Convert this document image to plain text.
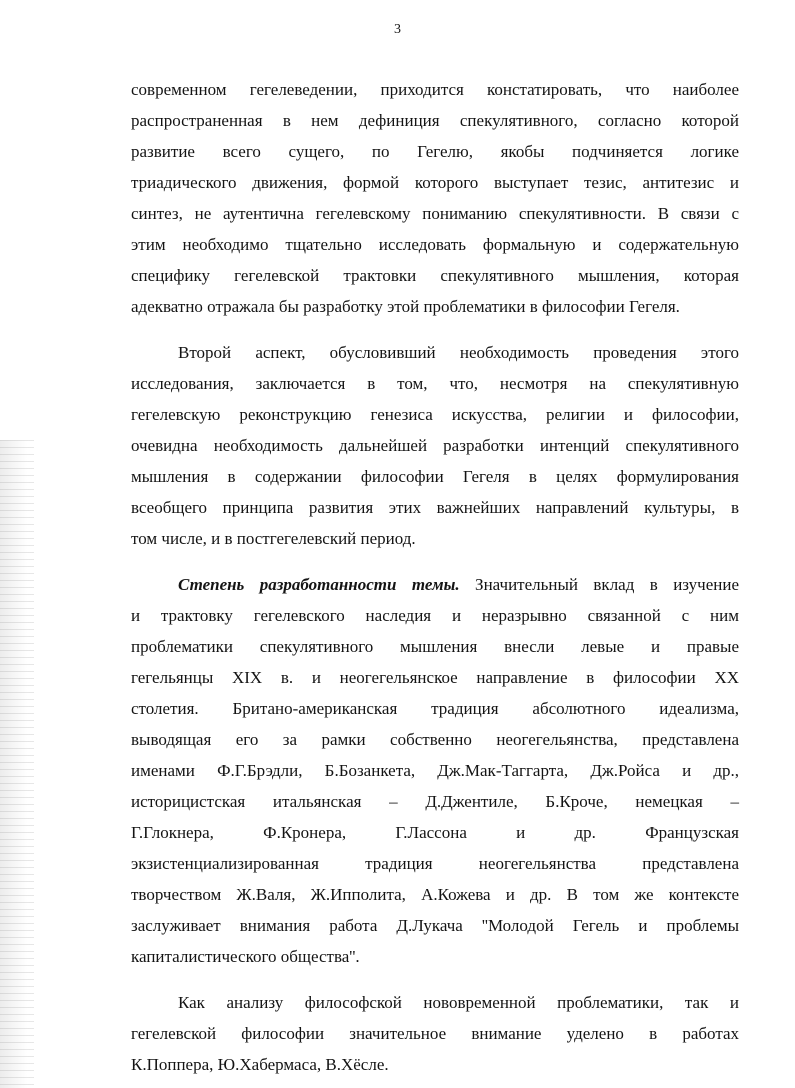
3

современном гегелеведении, приходится констатировать, что наиболее

распространенная в нем дефиниция спекулятивного, согласно которой

развитие всего сущего, по Гегелю, якобы подчиняется логике

триадического движения, формой которого выступает тезис, антитезис и

синтез, не аутентична гегелевскому пониманию спекулятивности. В связи с

этим необходимо тщательно исследовать формальную и содержательную

специфику гегелевской трактовки спекулятивного мышления, которая

адекватно отражала бы разработку этой проблематики в философии Гегеля.

Второй аспект, обусловивший необходимость проведения этого

исследования, заключается в том, что, несмотря на спекулятивную

гегелевскую реконструкцию генезиса искусства, религии и философии,

очевидна необходимость дальнейшей разработки интенций спекулятивного

мышления в содержании философии Гегеля в целях формулирования

всеобщего принципа развития этих важнейших направлений культуры, в

том числе, и в постгегелевский период.

Степень разработанности темы. Значительный вклад в изучение

и трактовку гегелевского наследия и неразрывно связанной с ним

проблематики спекулятивного мышления внесли левые и правые

гегельянцы XIX в. и неогегельянское направление в философии XX

столетия. Британо-американская традиция абсолютного идеализма,

выводящая его за рамки собственно неогегельянства, представлена

именами Ф.Г.Брэдли, Б.Бозанкета, Дж.Мак-Таггарта, Дж.Ройса и др.,

историцистская итальянская – Д.Джентиле, Б.Кроче, немецкая –

Г.Глокнера, Ф.Кронера, Г.Лассона и др. Французская

экзистенциализированная традиция неогегельянства представлена

творчеством Ж.Валя, Ж.Ипполита, А.Кожева и др. В том же контексте

заслуживает внимания работа Д.Лукача ''Молодой Гегель и проблемы

капиталистического общества''.

Как анализу философской нововременной проблематики, так и

гегелевской философии значительное внимание уделено в работах

К.Поппера, Ю.Хабермаса, В.Хёсле.
